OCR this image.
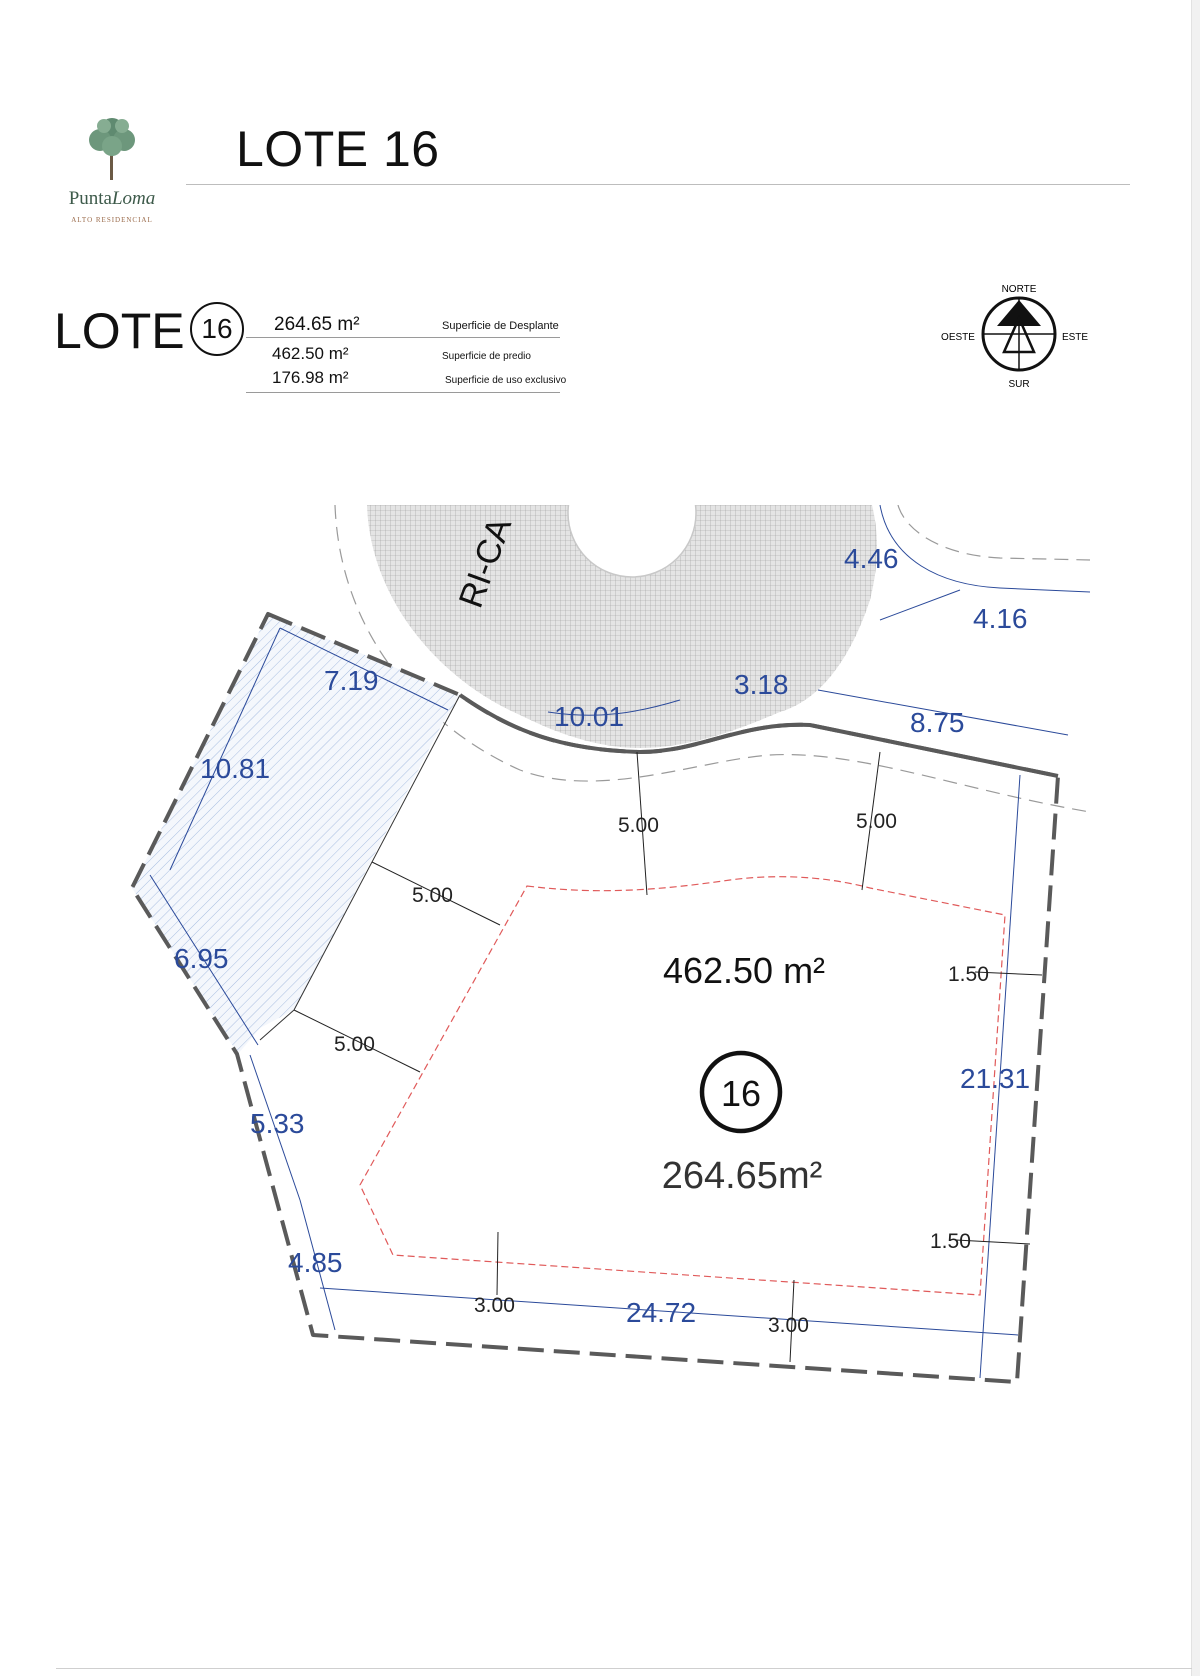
PuntaLoma
ALTO RESIDENCIAL
LOTE 16
LOTE 16	264.65 m²	Superficie de Desplante
462.50 m²	Superficie de predio
176.98 m²	Superficie de uso exclusivo
NORTE
SUR
ESTE
OESTE
RI-CA	4.46
4.16
7.19	3.18
10.01	8.75
10.81
6.95
5.33
4.85
24.72
21.31
5.00	5.00
5.00
5.00
1.50
1.50
3.00
3.00
462.50 m²
16
264.65m²
